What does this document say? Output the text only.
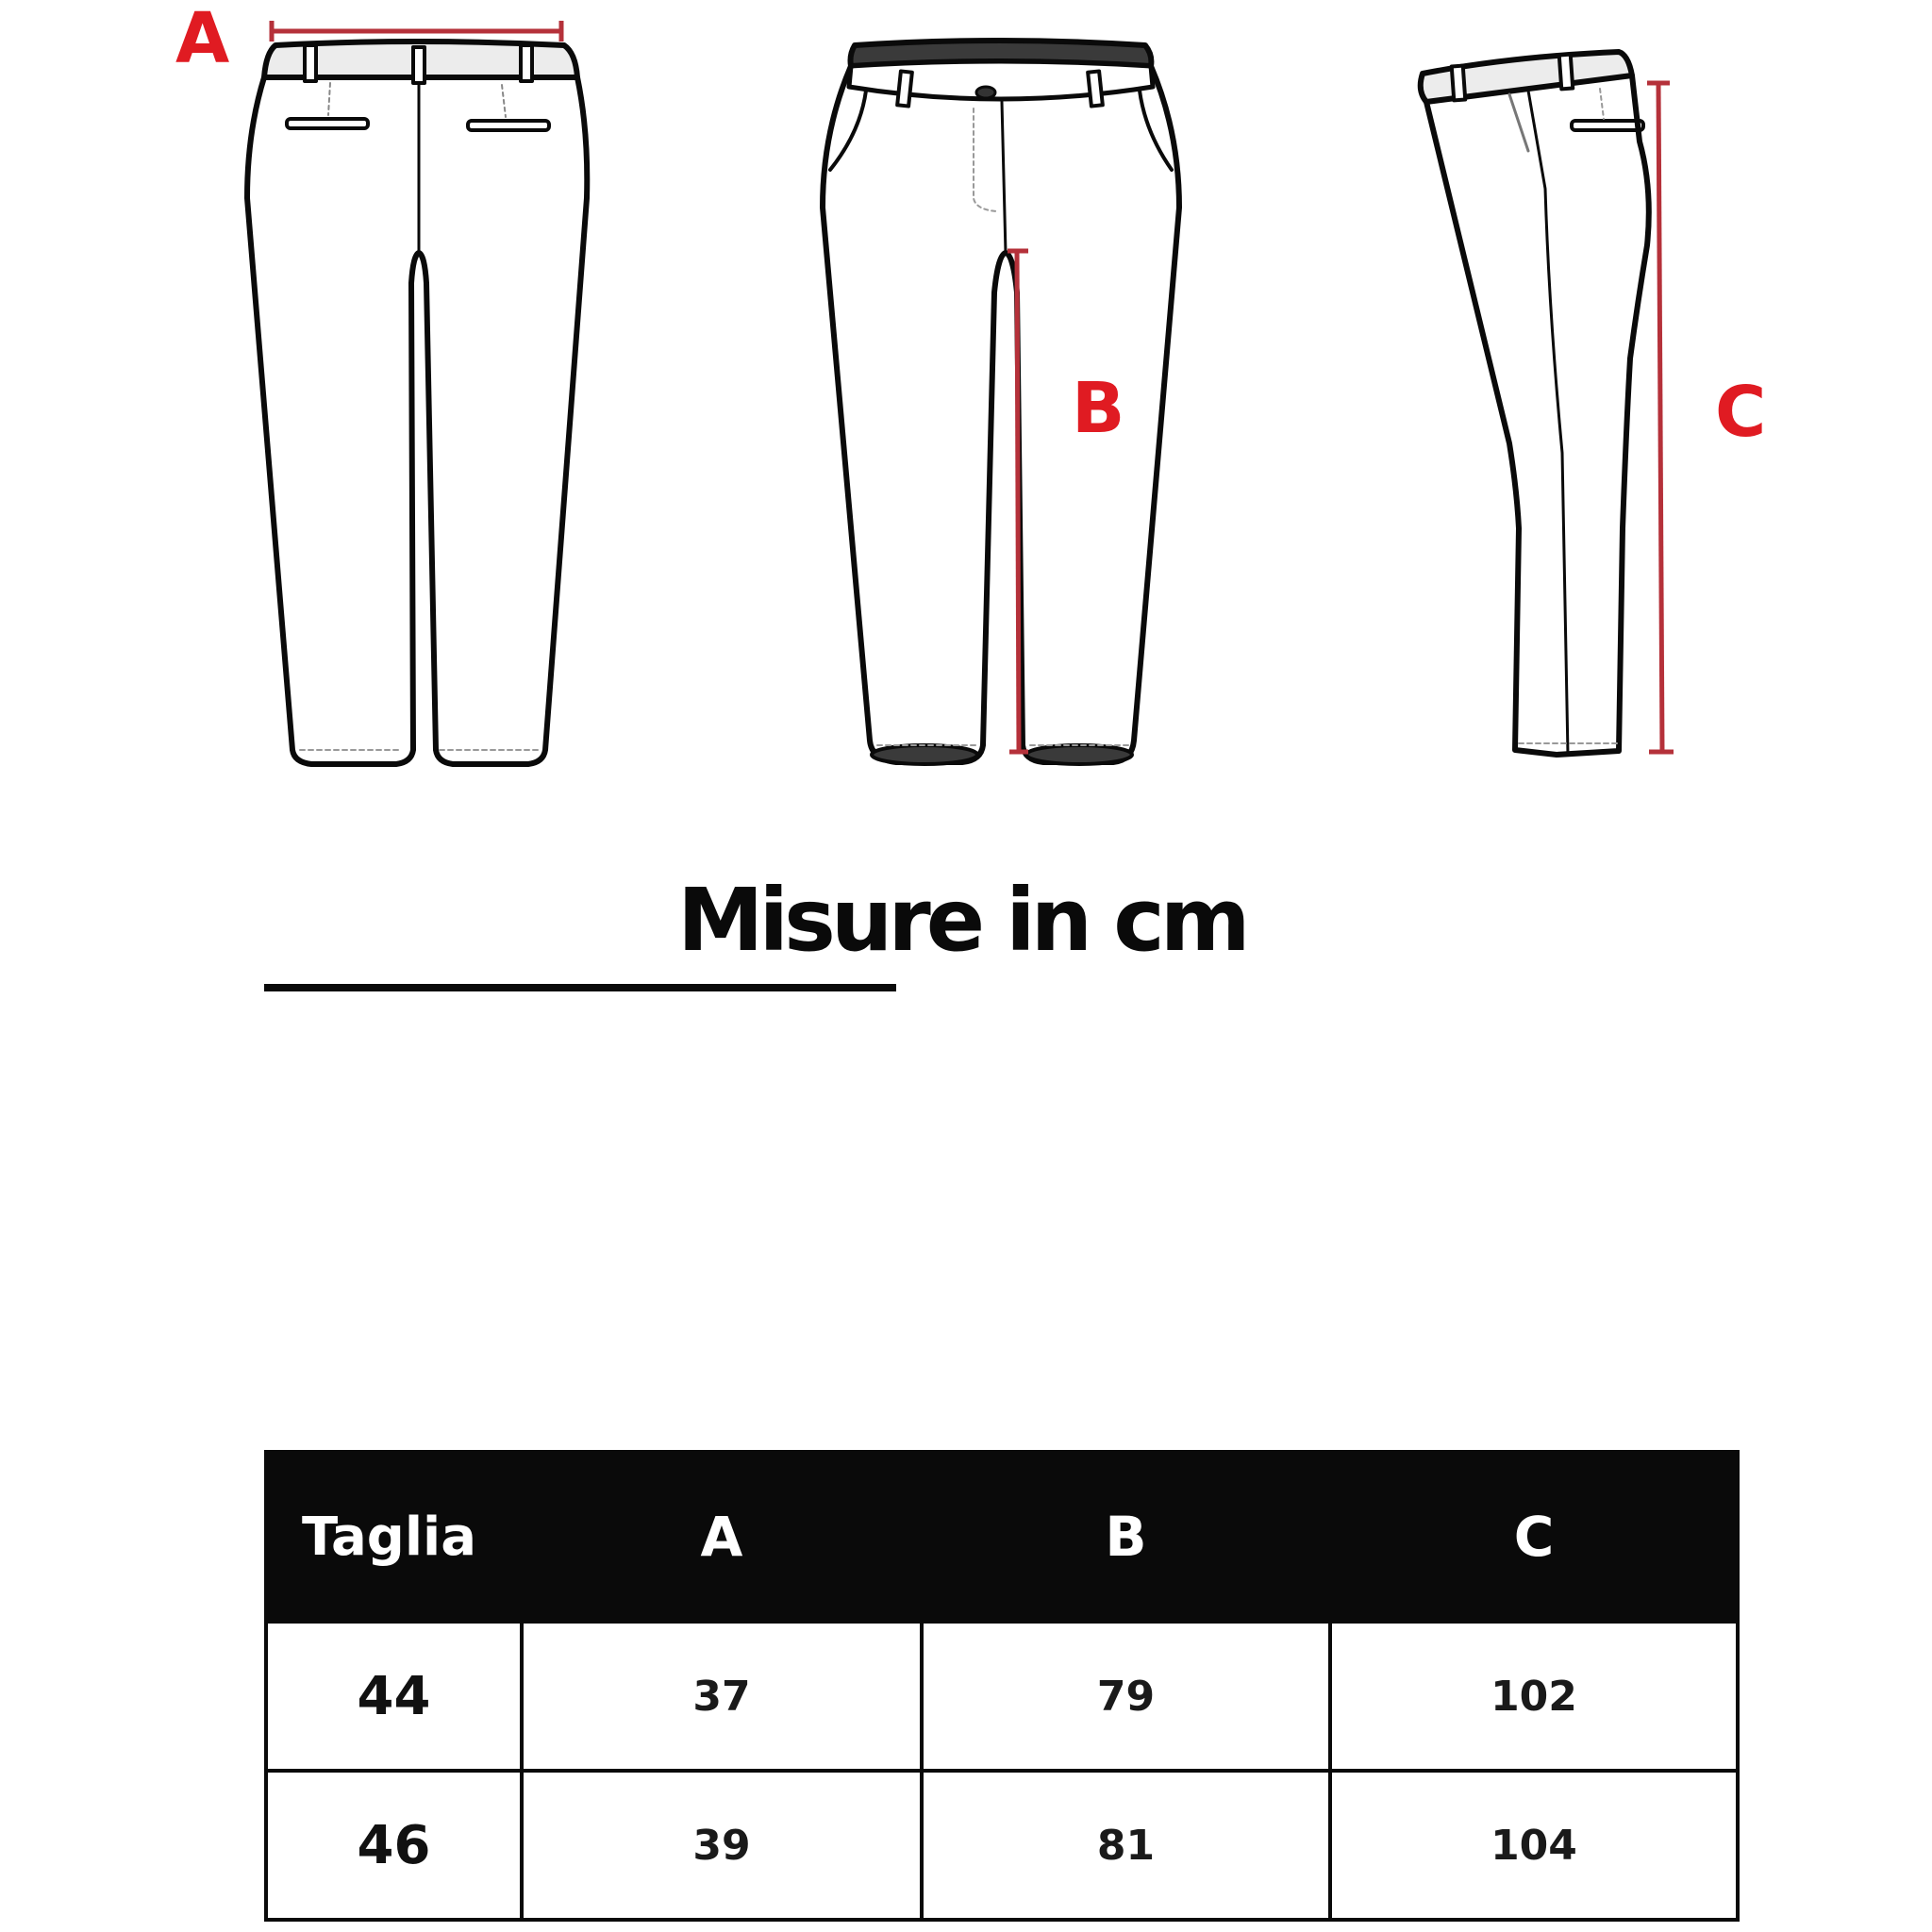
A
B	C
Misure in cm
Taglia	A	B	C
44	37	79	102
46	39	81	104
